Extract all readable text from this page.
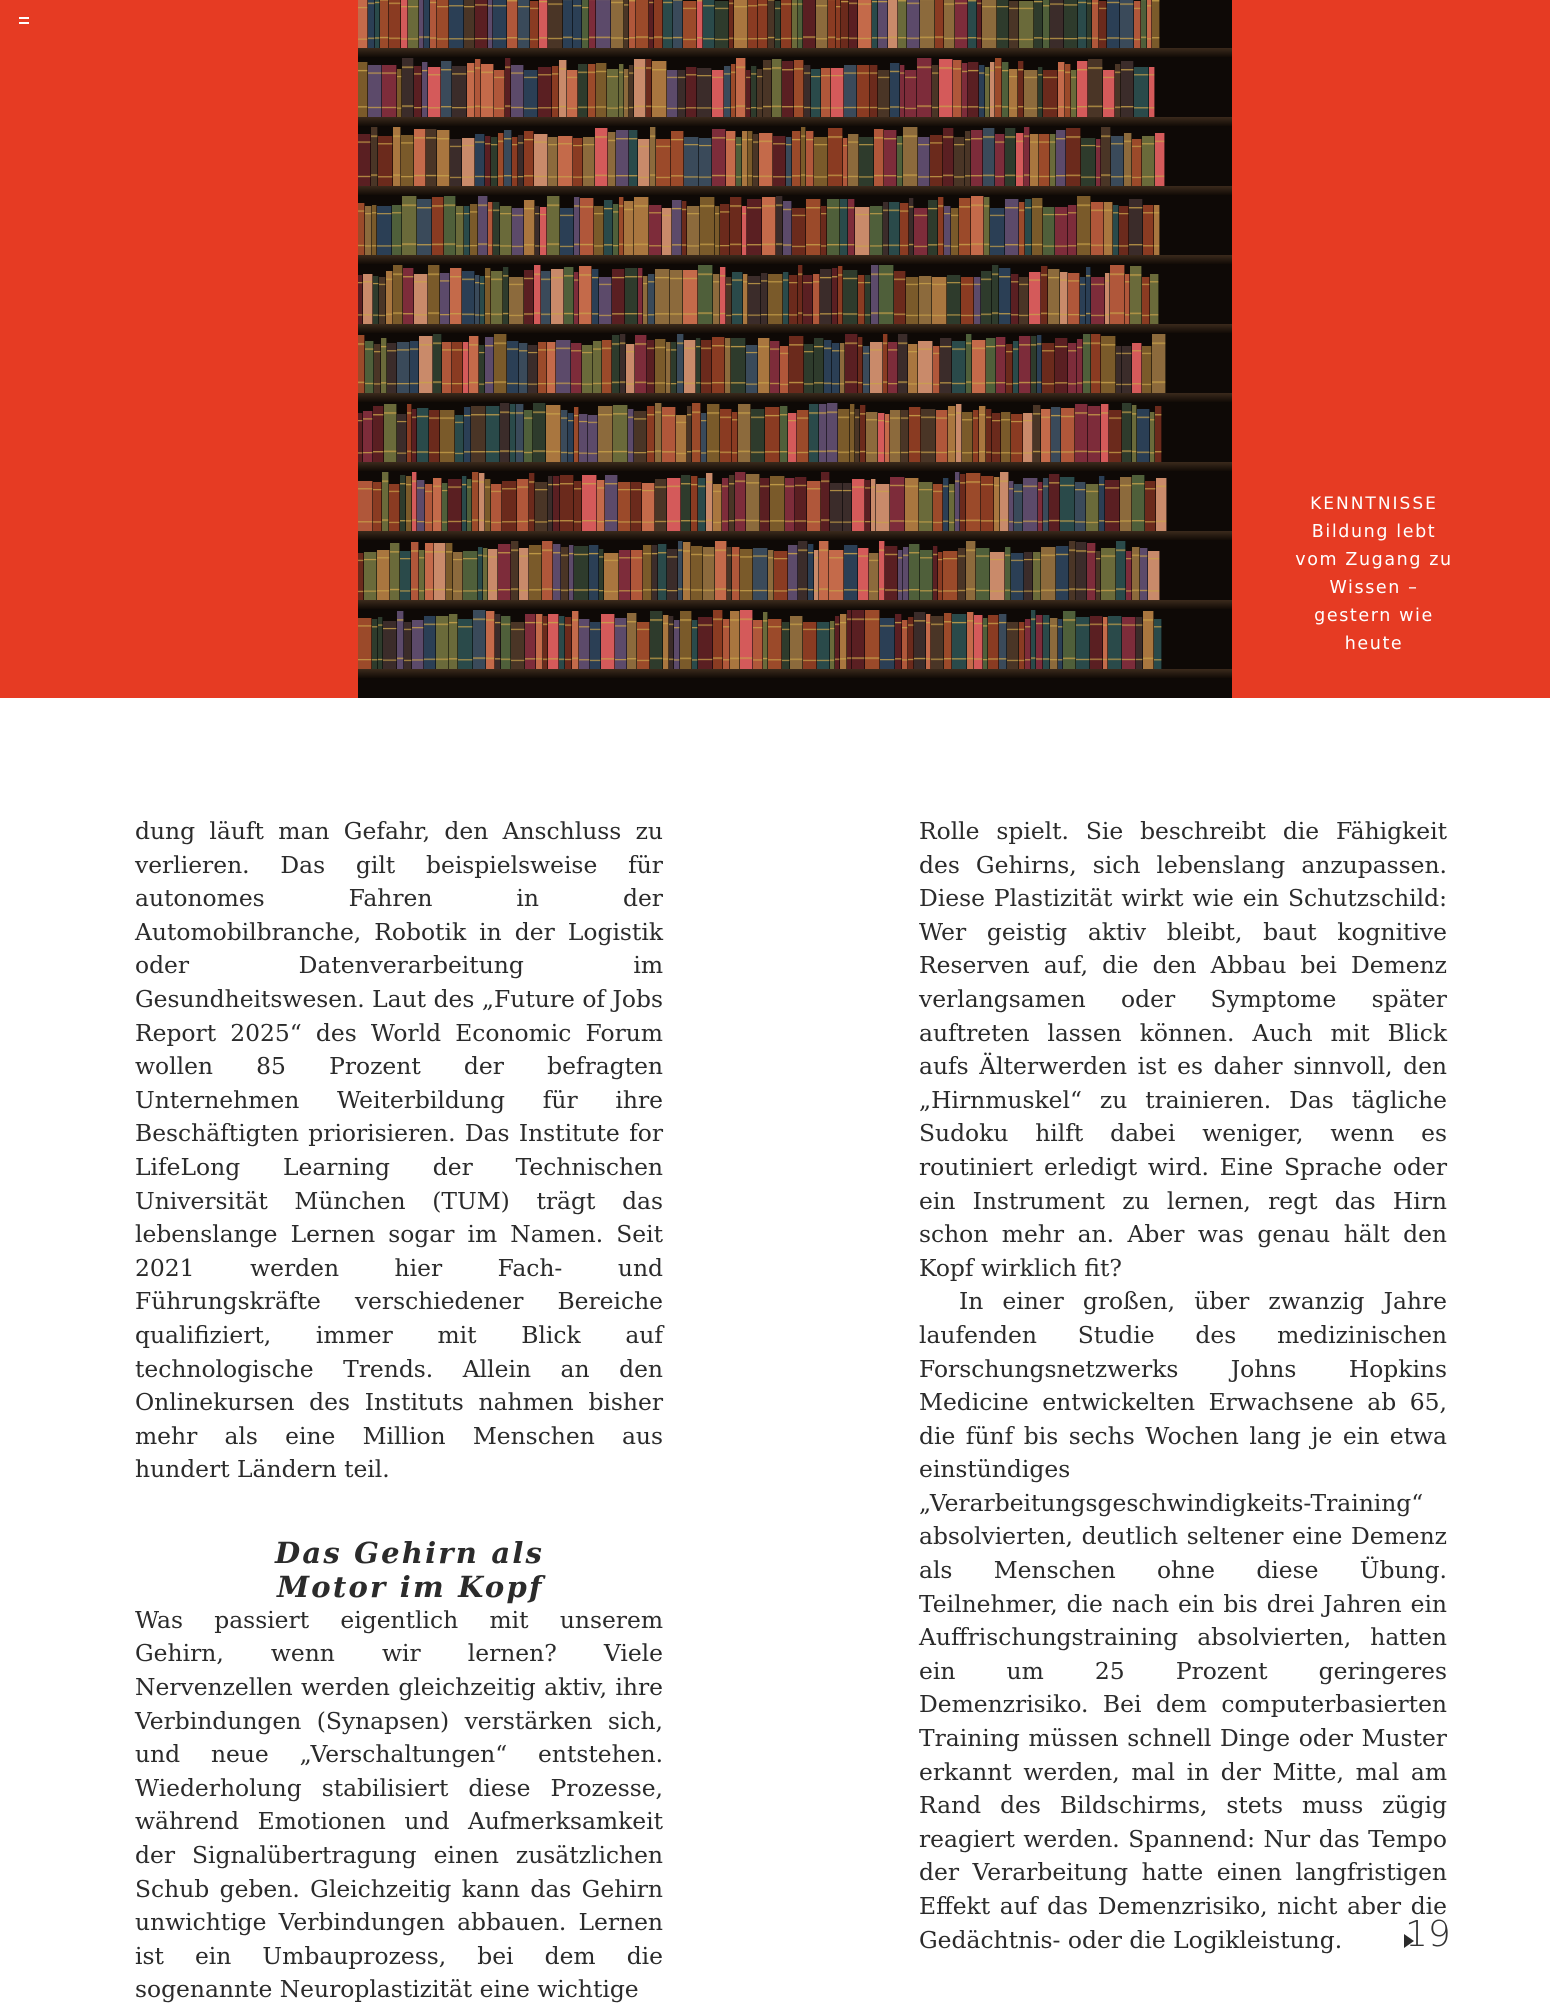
KENNTNISSE
Bildung lebt vom Zugang zu Wissen – gestern wie heute

dung läuft man Gefahr, den Anschluss zu verlieren. Das gilt beispielsweise für autonomes Fahren in der Automobilbranche, Robotik in der Logistik oder Datenverarbeitung im Gesundheitswesen. Laut des „Future of Jobs Report 2025“ des World Economic Forum wollen 85 Prozent der befragten Unternehmen Weiterbildung für ihre Beschäftigten priorisieren. Das Institute for LifeLong Learning der Technischen Universität München (TUM) trägt das lebenslange Lernen sogar im Namen. Seit 2021 werden hier Fach- und Führungskräfte verschiedener Bereiche qualifiziert, immer mit Blick auf technologische Trends. Allein an den Onlinekursen des Instituts nahmen bisher mehr als eine Million Menschen aus hundert Ländern teil.

Das Gehirn als
Motor im Kopf

Was passiert eigentlich mit unserem Gehirn, wenn wir lernen? Viele Nervenzellen werden gleichzeitig aktiv, ihre Verbindungen (Synapsen) verstärken sich, und neue „Verschaltungen“ entstehen. Wiederholung stabilisiert diese Prozesse, während Emotionen und Aufmerksamkeit der Signalübertragung einen zusätzlichen Schub geben. Gleichzeitig kann das Gehirn unwichtige Verbindungen abbauen. Lernen ist ein Umbauprozess, bei dem die sogenannte Neuroplastizität eine wichtige

Rolle spielt. Sie beschreibt die Fähigkeit des Gehirns, sich lebenslang anzupassen. Diese Plastizität wirkt wie ein Schutzschild: Wer geistig aktiv bleibt, baut kognitive Reserven auf, die den Abbau bei Demenz verlangsamen oder Symptome später auftreten lassen können. Auch mit Blick aufs Älterwerden ist es daher sinnvoll, den „Hirnmuskel“ zu trainieren. Das tägliche Sudoku hilft dabei weniger, wenn es routiniert erledigt wird. Eine Sprache oder ein Instrument zu lernen, regt das Hirn schon mehr an. Aber was genau hält den Kopf wirklich fit?

In einer großen, über zwanzig Jahre laufenden Studie des medizinischen Forschungsnetzwerks Johns Hopkins Medicine entwickelten Erwachsene ab 65, die fünf bis sechs Wochen lang je ein etwa einstündiges „Verarbeitungsgeschwindigkeits-Training“ absolvierten, deutlich seltener eine Demenz als Menschen ohne diese Übung. Teilnehmer, die nach ein bis drei Jahren ein Auffrischungstraining absolvierten, hatten ein um 25 Prozent geringeres Demenzrisiko. Bei dem computerbasierten Training müssen schnell Dinge oder Muster erkannt werden, mal in der Mitte, mal am Rand des Bildschirms, stets muss zügig reagiert werden. Spannend: Nur das Tempo der Verarbeitung hatte einen langfristigen Effekt auf das Demenzrisiko, nicht aber die Gedächtnis- oder die Logikleistung.	19
